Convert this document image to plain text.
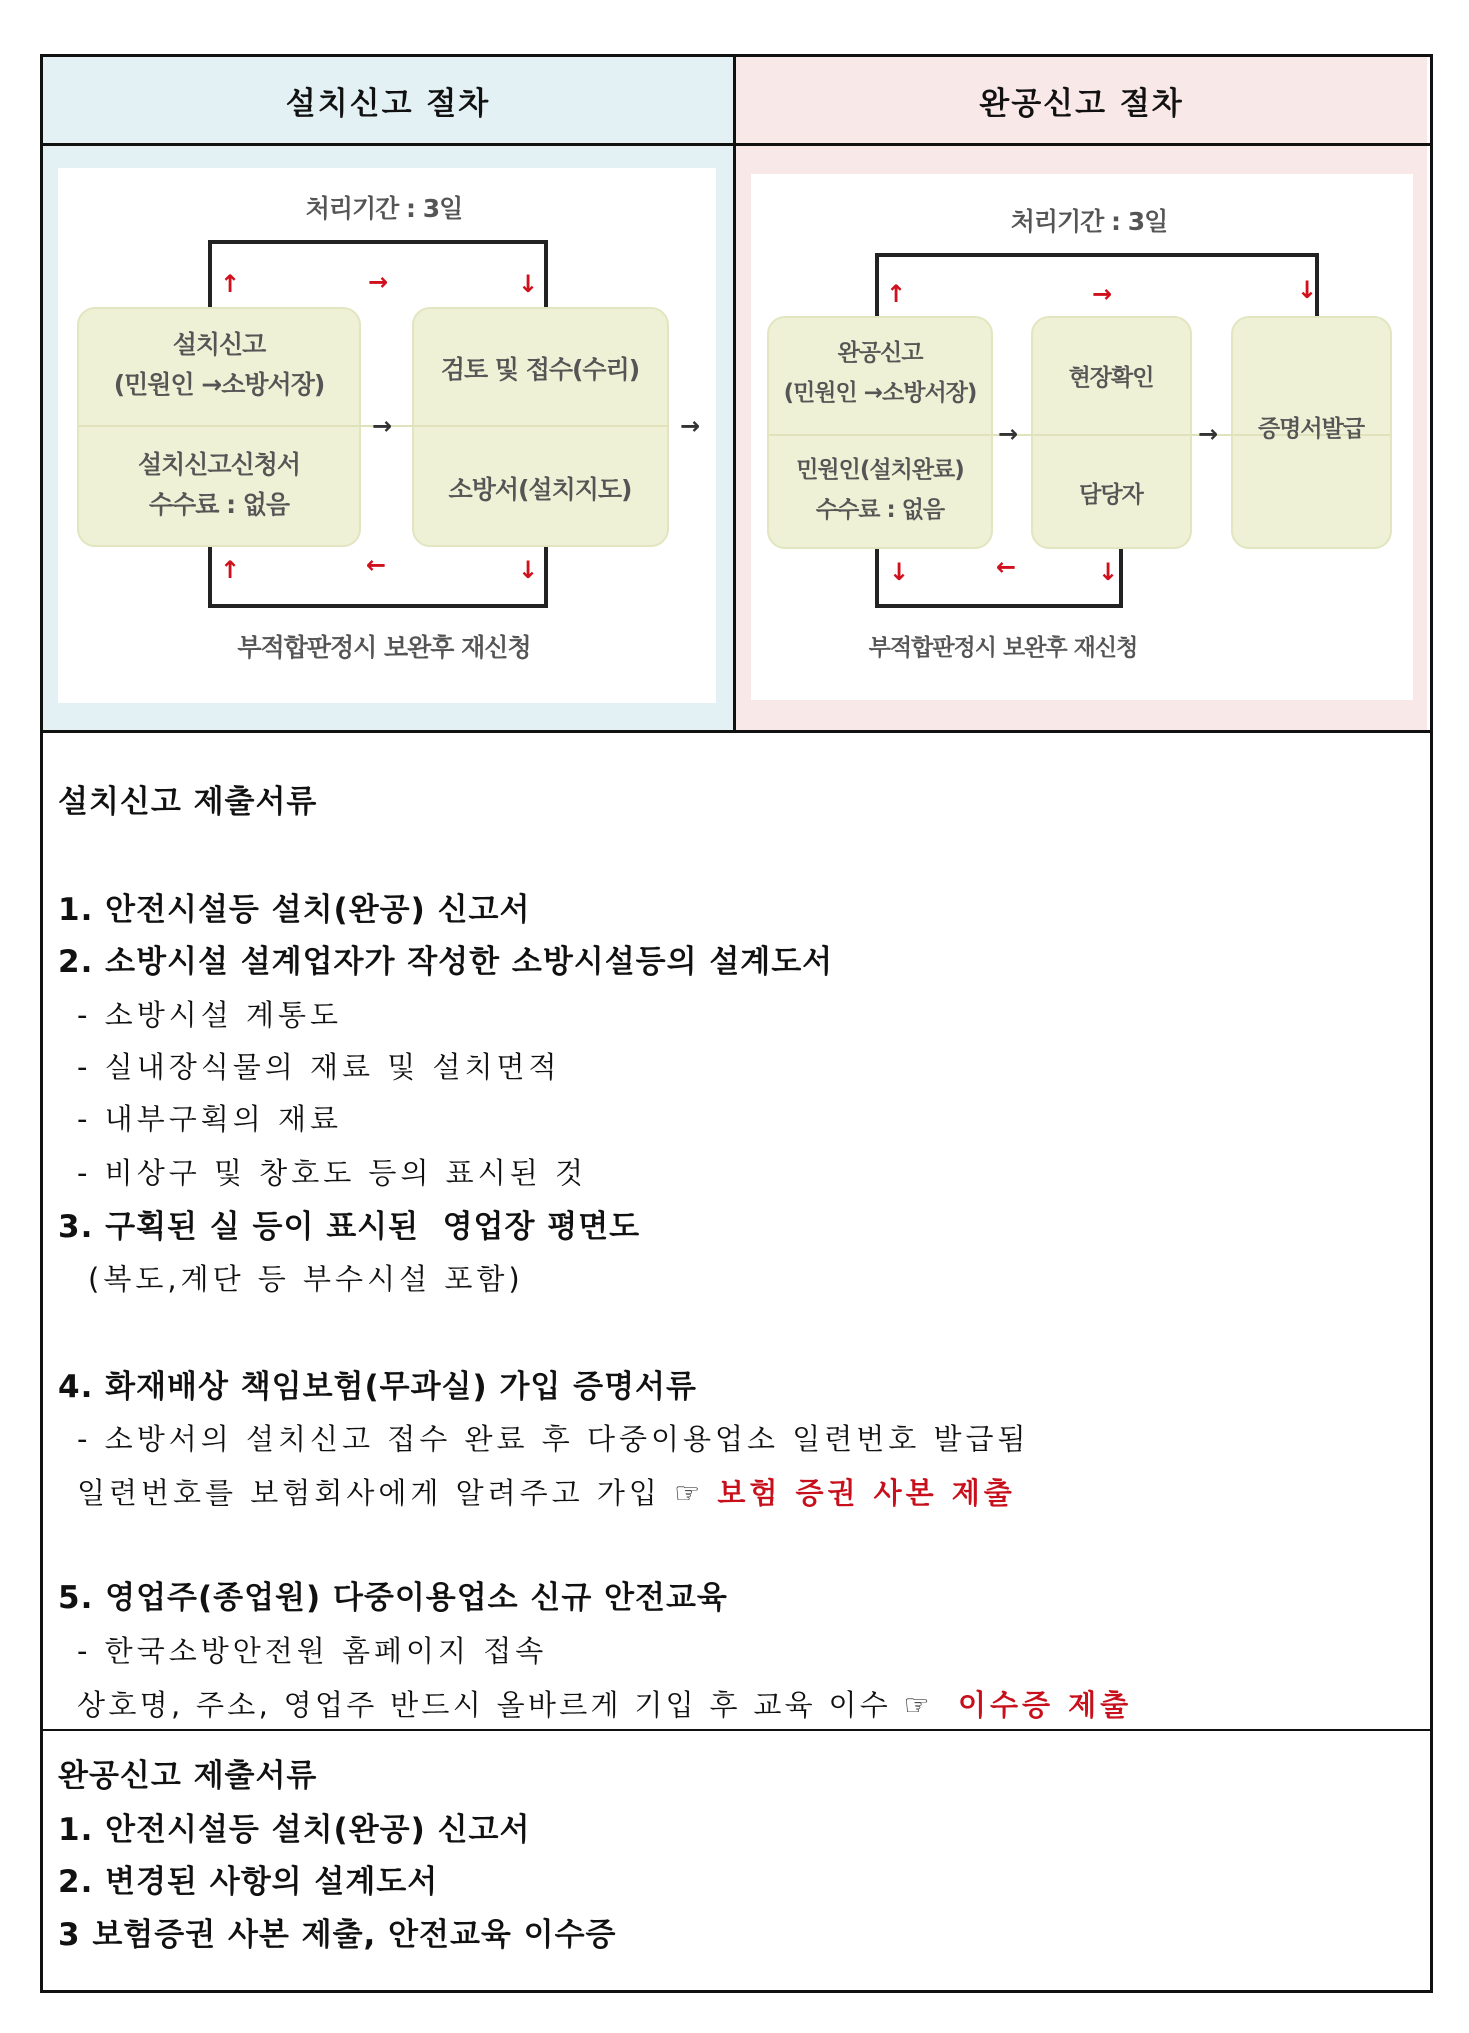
설치신고 절차	완공신고 절차
처리기간 : 3일
설치신고
(민원인 →소방서장)
설치신고신청서
수수료 : 없음
검토 및 접수(수리)
소방서(설치지도)
부적합판정시 보완후 재신청
↑	→	↓
↑	←	↓
→	→
처리기간 : 3일
완공신고
(민원인 →소방서장)
민원인(설치완료)
수수료 : 없음
현장확인
담당자
증명서발급
부적합판정시 보완후 재신청
↑	→	↓
↓	←	↓
→	→
설치신고 제출서류
1. 안전시설등 설치(완공) 신고서
2. 소방시설 설계업자가 작성한 소방시설등의 설계도서
- 소방시설 계통도
- 실내장식물의 재료 및 설치면적
- 내부구획의 재료
- 비상구 및 창호도 등의 표시된 것
3. 구획된 실 등이 표시된  영업장 평면도
(복도,계단 등 부수시설 포함)
4. 화재배상 책임보험(무과실) 가입 증명서류
- 소방서의 설치신고 접수 완료 후 다중이용업소 일련번호 발급됨
일련번호를 보험회사에게 알려주고 가입 ☞ 보험 증권 사본 제출
5. 영업주(종업원) 다중이용업소 신규 안전교육
- 한국소방안전원 홈페이지 접속
상호명, 주소, 영업주 반드시 올바르게 기입 후 교육 이수 ☞ 이수증 제출
완공신고 제출서류
1. 안전시설등 설치(완공) 신고서
2. 변경된 사항의 설계도서
3 보험증권 사본 제출, 안전교육 이수증
